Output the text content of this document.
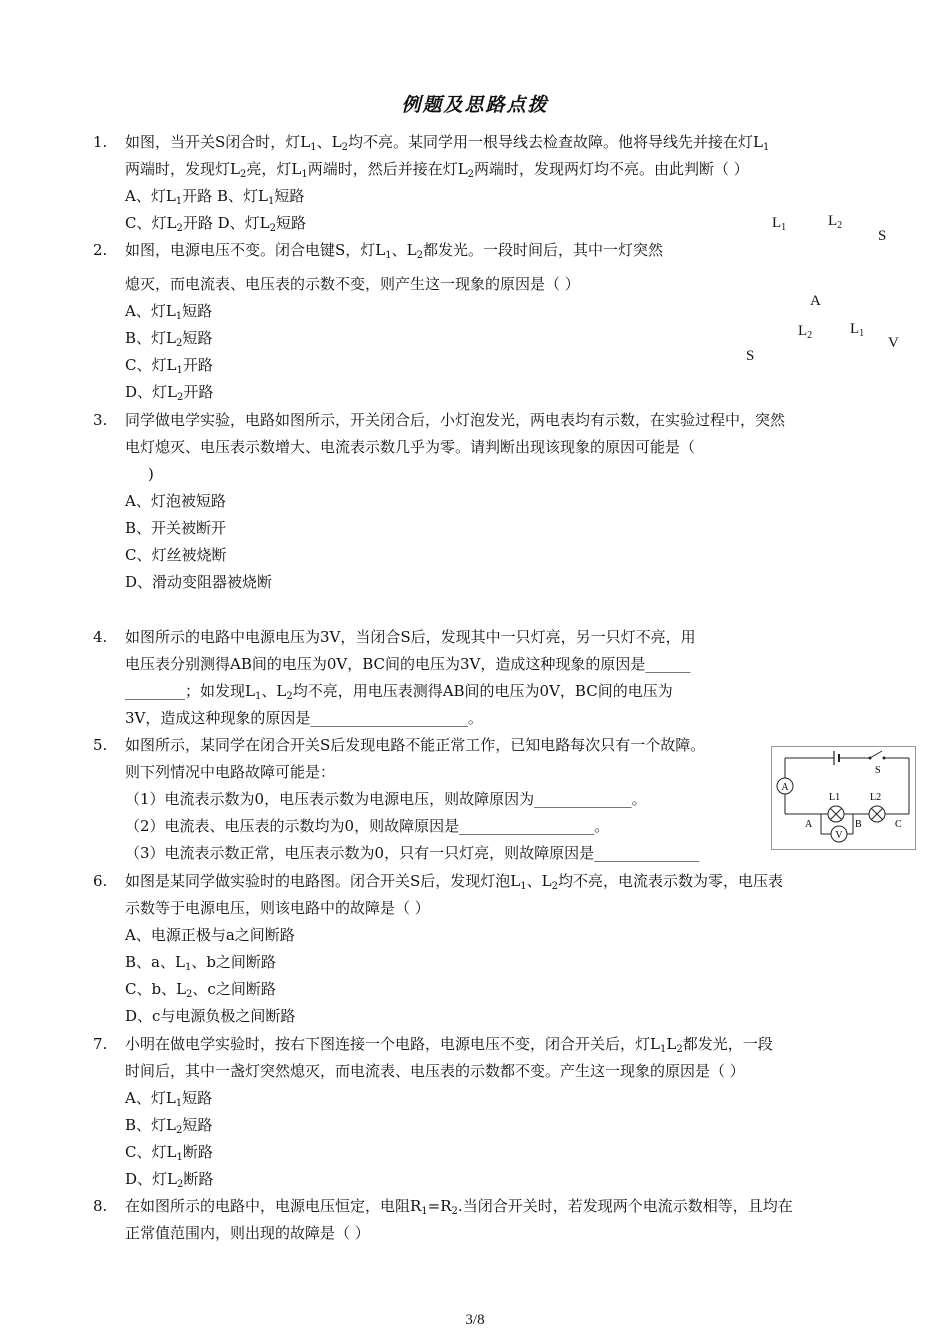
例题及思路点拨
1.
2.
3.
4.
5.
6.
7.
8.
如图，当开关S闭合时，灯$L_1$、$L_2$均不亮。某同学用一根导线去检查故障。他将导线先并接在灯$L_1$
两端时，发现灯$L_2$亮，灯$L_1$两端时，然后并接在灯$L_2$两端时，发现两灯均不亮。由此判断（ ）
A、灯$L_1$开路 B、灯$L_1$短路
C、灯$L_2$开路 D、灯$L_2$短路
如图，电源电压不变。闭合电键S，灯$L_1$、$L_2$都发光。一段时间后，其中一灯突然
熄灭，而电流表、电压表的示数不变，则产生这一现象的原因是（ ）
A、灯$L_1$短路
B、灯$L_2$短路
C、灯$L_1$开路
D、灯$L_2$开路
同学做电学实验，电路如图所示，开关闭合后，小灯泡发光，两电表均有示数，在实验过程中，突然
电灯熄灭、电压表示数增大、电流表示数几乎为零。请判断出现该现象的原因可能是（
)
A、灯泡被短路
B、开关被断开
C、灯丝被烧断
D、滑动变阻器被烧断
如图所示的电路中电源电压为3V，当闭合S后，发现其中一只灯亮，另一只灯不亮，用
电压表分别测得AB间的电压为0V，BC间的电压为3V，造成这种现象的原因是______
________；如发现$L_1$、$L_2$均不亮，用电压表测得AB间的电压为0V，BC间的电压为
3V，造成这种现象的原因是_____________________。
如图所示，某同学在闭合开关S后发现电路不能正常工作，已知电路每次只有一个故障。
则下列情况中电路故障可能是：
（1）电流表示数为0，电压表示数为电源电压，则故障原因为_____________。
（2）电流表、电压表的示数均为0，则故障原因是__________________。
（3）电流表示数正常，电压表示数为0，只有一只灯亮，则故障原因是______________
如图是某同学做实验时的电路图。闭合开关S后，发现灯泡$L_1$、$L_2$均不亮，电流表示数为零，电压表
示数等于电源电压，则该电路中的故障是（ ）
A、电源正极与a之间断路
B、a、$L_1$、b之间断路
C、b、$L_2$、c之间断路
D、c与电源负极之间断路
小明在做电学实验时，按右下图连接一个电路，电源电压不变，闭合开关后，灯$L_1L_2$都发光，一段
时间后，其中一盏灯突然熄灭，而电流表、电压表的示数都不变。产生这一现象的原因是（ ）
A、灯$L_1$短路
B、灯$L_2$短路
C、灯$L_1$断路
D、灯$L_2$断路
在如图所示的电路中，电源电压恒定，电阻$R_1=R_2$.当闭合开关时，若发现两个电流示数相等，且均在
正常值范围内，则出现的故障是（ ）
$L_1$	$L_2$
S
A
$L_2$	$L_1$
V
S
S
A
L1	L2
V
A	B	C
3/8
